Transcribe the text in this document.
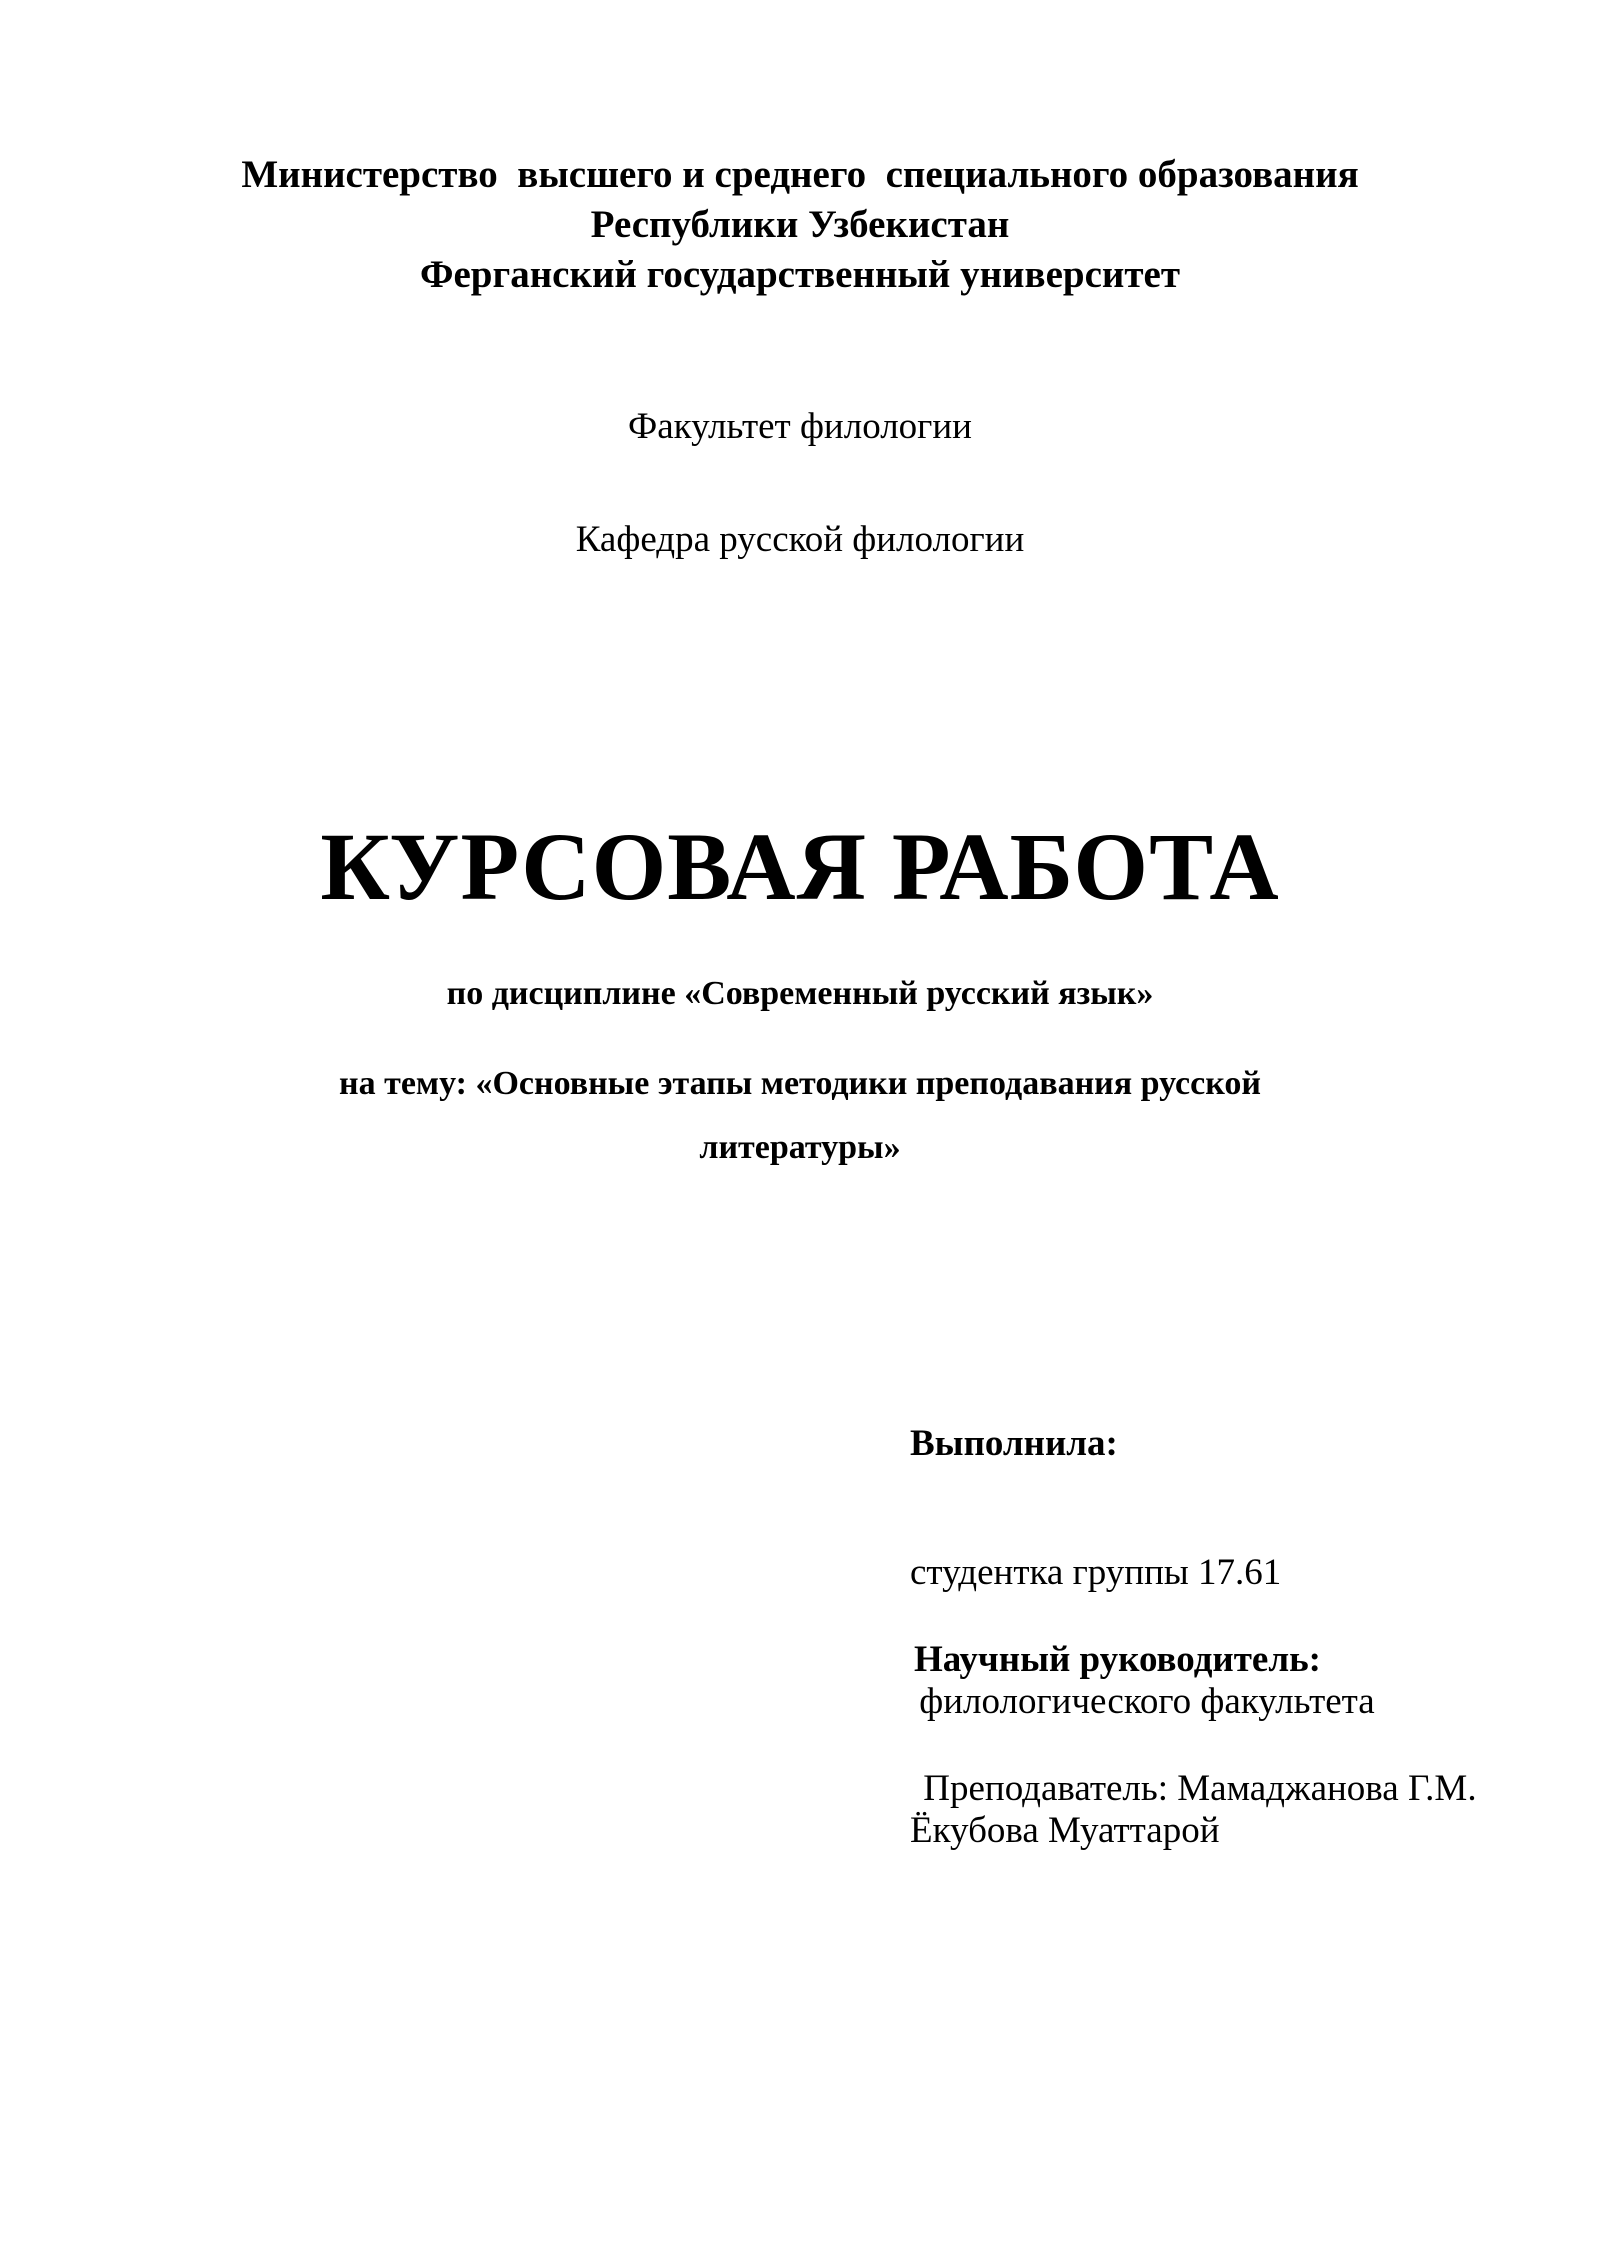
Министерство  высшего и среднего  специального образования
Республики Узбекистан
Ферганский государственный университет
Факультет филологии
Кафедра русской филологии
КУРСОВАЯ РАБОТА
по дисциплине «Современный русский язык»
на тему: «Основные этапы методики преподавания русской
литературы»

Выполнила:

студентка группы 17.61

филологического факультета

Ёкубова Муаттарой

Научный руководитель:

Преподаватель: Мамаджанова Г.М.
